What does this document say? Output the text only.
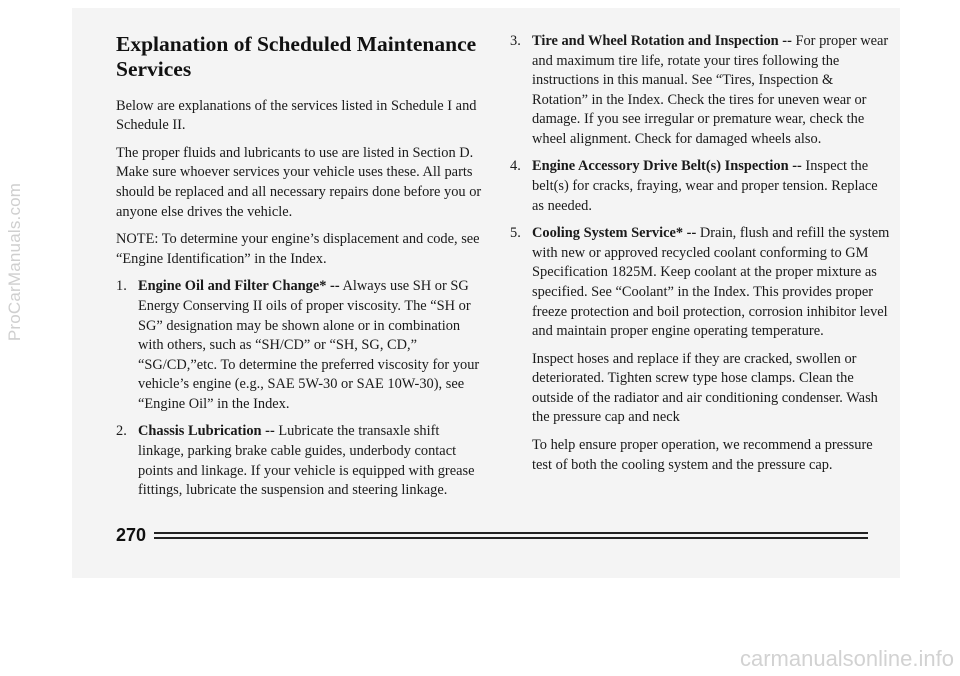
ProCarManuals.com
Explanation of Scheduled Maintenance Services

Below are explanations of the services listed in Schedule I and Schedule II.

The proper fluids and lubricants to use are listed in Section D. Make sure whoever services your vehicle uses these. All parts should be replaced and all necessary repairs done before you or anyone else drives the vehicle.

NOTE: To determine your engine’s displacement and code, see “Engine Identification” in the Index.

1. Engine Oil and Filter Change* -- Always use SH or SG Energy Conserving II oils of proper viscosity. The “SH or SG” designation may be shown alone or in combination with others, such as “SH/CD” or “SH, SG, CD,” “SG/CD,”etc. To determine the preferred viscosity for your vehicle’s engine (e.g., SAE 5W-30 or SAE 10W-30), see “Engine Oil” in the Index.
2. Chassis Lubrication -- Lubricate the transaxle shift linkage, parking brake cable guides, underbody contact points and linkage. If your vehicle is equipped with grease fittings, lubricate the suspension and steering linkage.
3. Tire and Wheel Rotation and Inspection -- For proper wear and maximum tire life, rotate your tires following the instructions in this manual. See “Tires, Inspection & Rotation” in the Index. Check the tires for uneven wear or damage. If you see irregular or premature wear, check the wheel alignment. Check for damaged wheels also.
4. Engine Accessory Drive Belt(s) Inspection -- Inspect the belt(s) for cracks, fraying, wear and proper tension. Replace as needed.
5. Cooling System Service* -- Drain, flush and refill the system with new or approved recycled coolant conforming to GM Specification 1825M. Keep coolant at the proper mixture as specified. See “Coolant” in the Index. This provides proper freeze protection and boil protection, corrosion inhibitor level and maintain proper engine operating temperature.

Inspect hoses and replace if they are cracked, swollen or deteriorated. Tighten screw type hose clamps. Clean the outside of the radiator and air conditioning condenser. Wash the pressure cap and neck

To help ensure proper operation, we recommend a pressure test of both the cooling system and the pressure cap.

270
carmanualsonline.info
